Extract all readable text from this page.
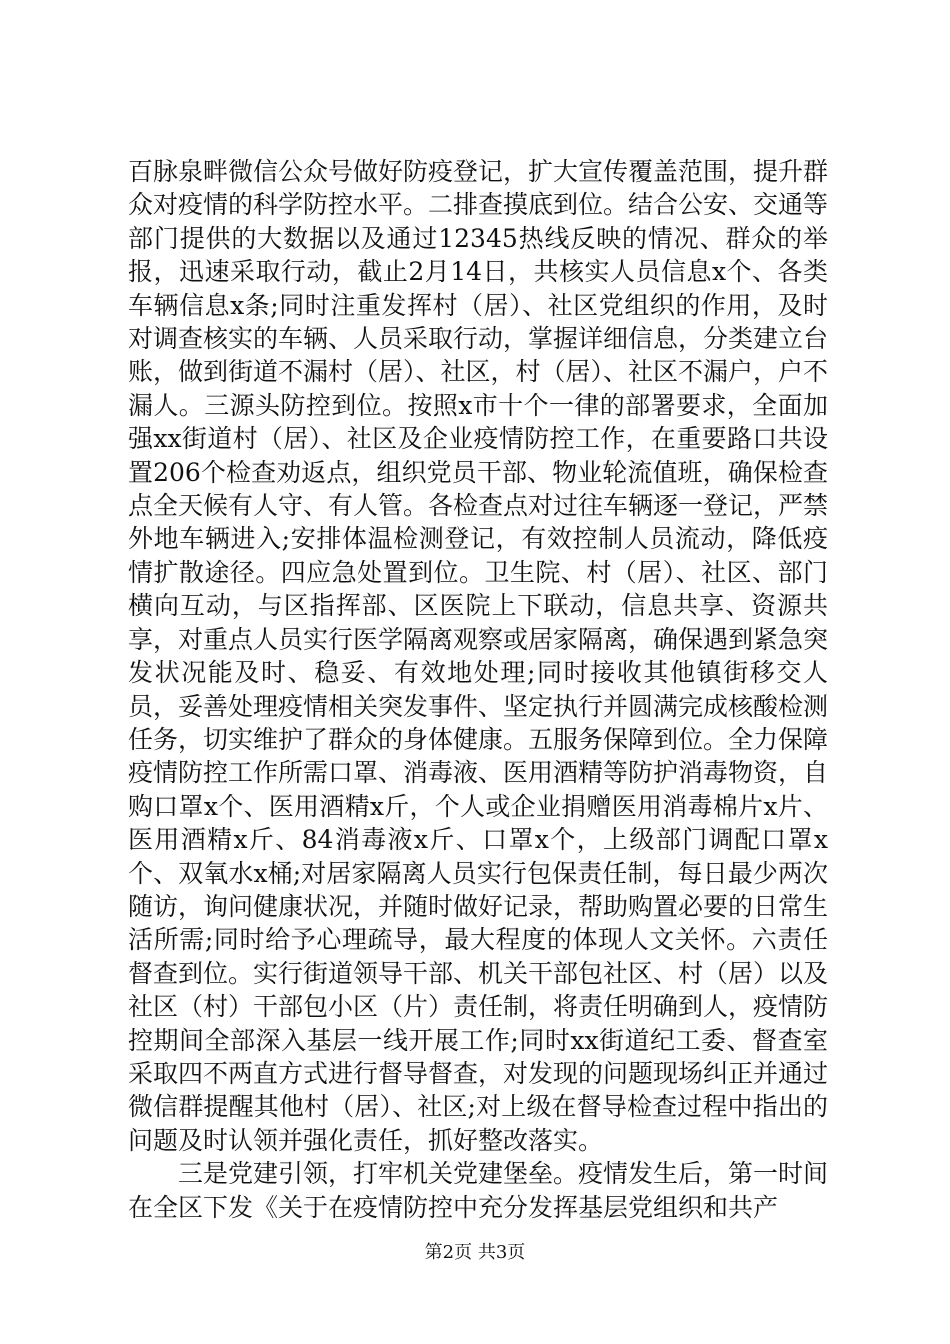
百脉泉畔微信公众号做好防疫登记，扩大宣传覆盖范围，提升群众对疫情的科学防控水平。二排查摸底到位。结合公安、交通等部门提供的大数据以及通过12345热线反映的情况、群众的举报，迅速采取行动，截止2月14日，共核实人员信息x个、各类车辆信息x条;同时注重发挥村（居）、社区党组织的作用，及时对调查核实的车辆、人员采取行动，掌握详细信息，分类建立台账，做到街道不漏村（居）、社区，村（居）、社区不漏户，户不漏人。三源头防控到位。按照x市十个一律的部署要求，全面加强xx街道村（居）、社区及企业疫情防控工作，在重要路口共设置206个检查劝返点，组织党员干部、物业轮流值班，确保检查点全天候有人守、有人管。各检查点对过往车辆逐一登记，严禁外地车辆进入;安排体温检测登记，有效控制人员流动，降低疫情扩散途径。四应急处置到位。卫生院、村（居）、社区、部门横向互动，与区指挥部、区医院上下联动，信息共享、资源共享，对重点人员实行医学隔离观察或居家隔离，确保遇到紧急突发状况能及时、稳妥、有效地处理;同时接收其他镇街移交人员，妥善处理疫情相关突发事件、坚定执行并圆满完成核酸检测任务，切实维护了群众的身体健康。五服务保障到位。全力保障疫情防控工作所需口罩、消毒液、医用酒精等防护消毒物资，自购口罩x个、医用酒精x斤，个人或企业捐赠医用消毒棉片x片、医用酒精x斤、84消毒液x斤、口罩x个，上级部门调配口罩x个、双氧水x桶;对居家隔离人员实行包保责任制，每日最少两次随访，询问健康状况，并随时做好记录，帮助购置必要的日常生活所需;同时给予心理疏导，最大程度的体现人文关怀。六责任督查到位。实行街道领导干部、机关干部包社区、村（居）以及社区（村）干部包小区（片）责任制，将责任明确到人，疫情防控期间全部深入基层一线开展工作;同时xx街道纪工委、督查室采取四不两直方式进行督导督查，对发现的问题现场纠正并通过微信群提醒其他村（居）、社区;对上级在督导检查过程中指出的问题及时认领并强化责任，抓好整改落实。

三是党建引领，打牢机关党建堡垒。疫情发生后，第一时间在全区下发《关于在疫情防控中充分发挥基层党组织和共产

第2页 共3页
